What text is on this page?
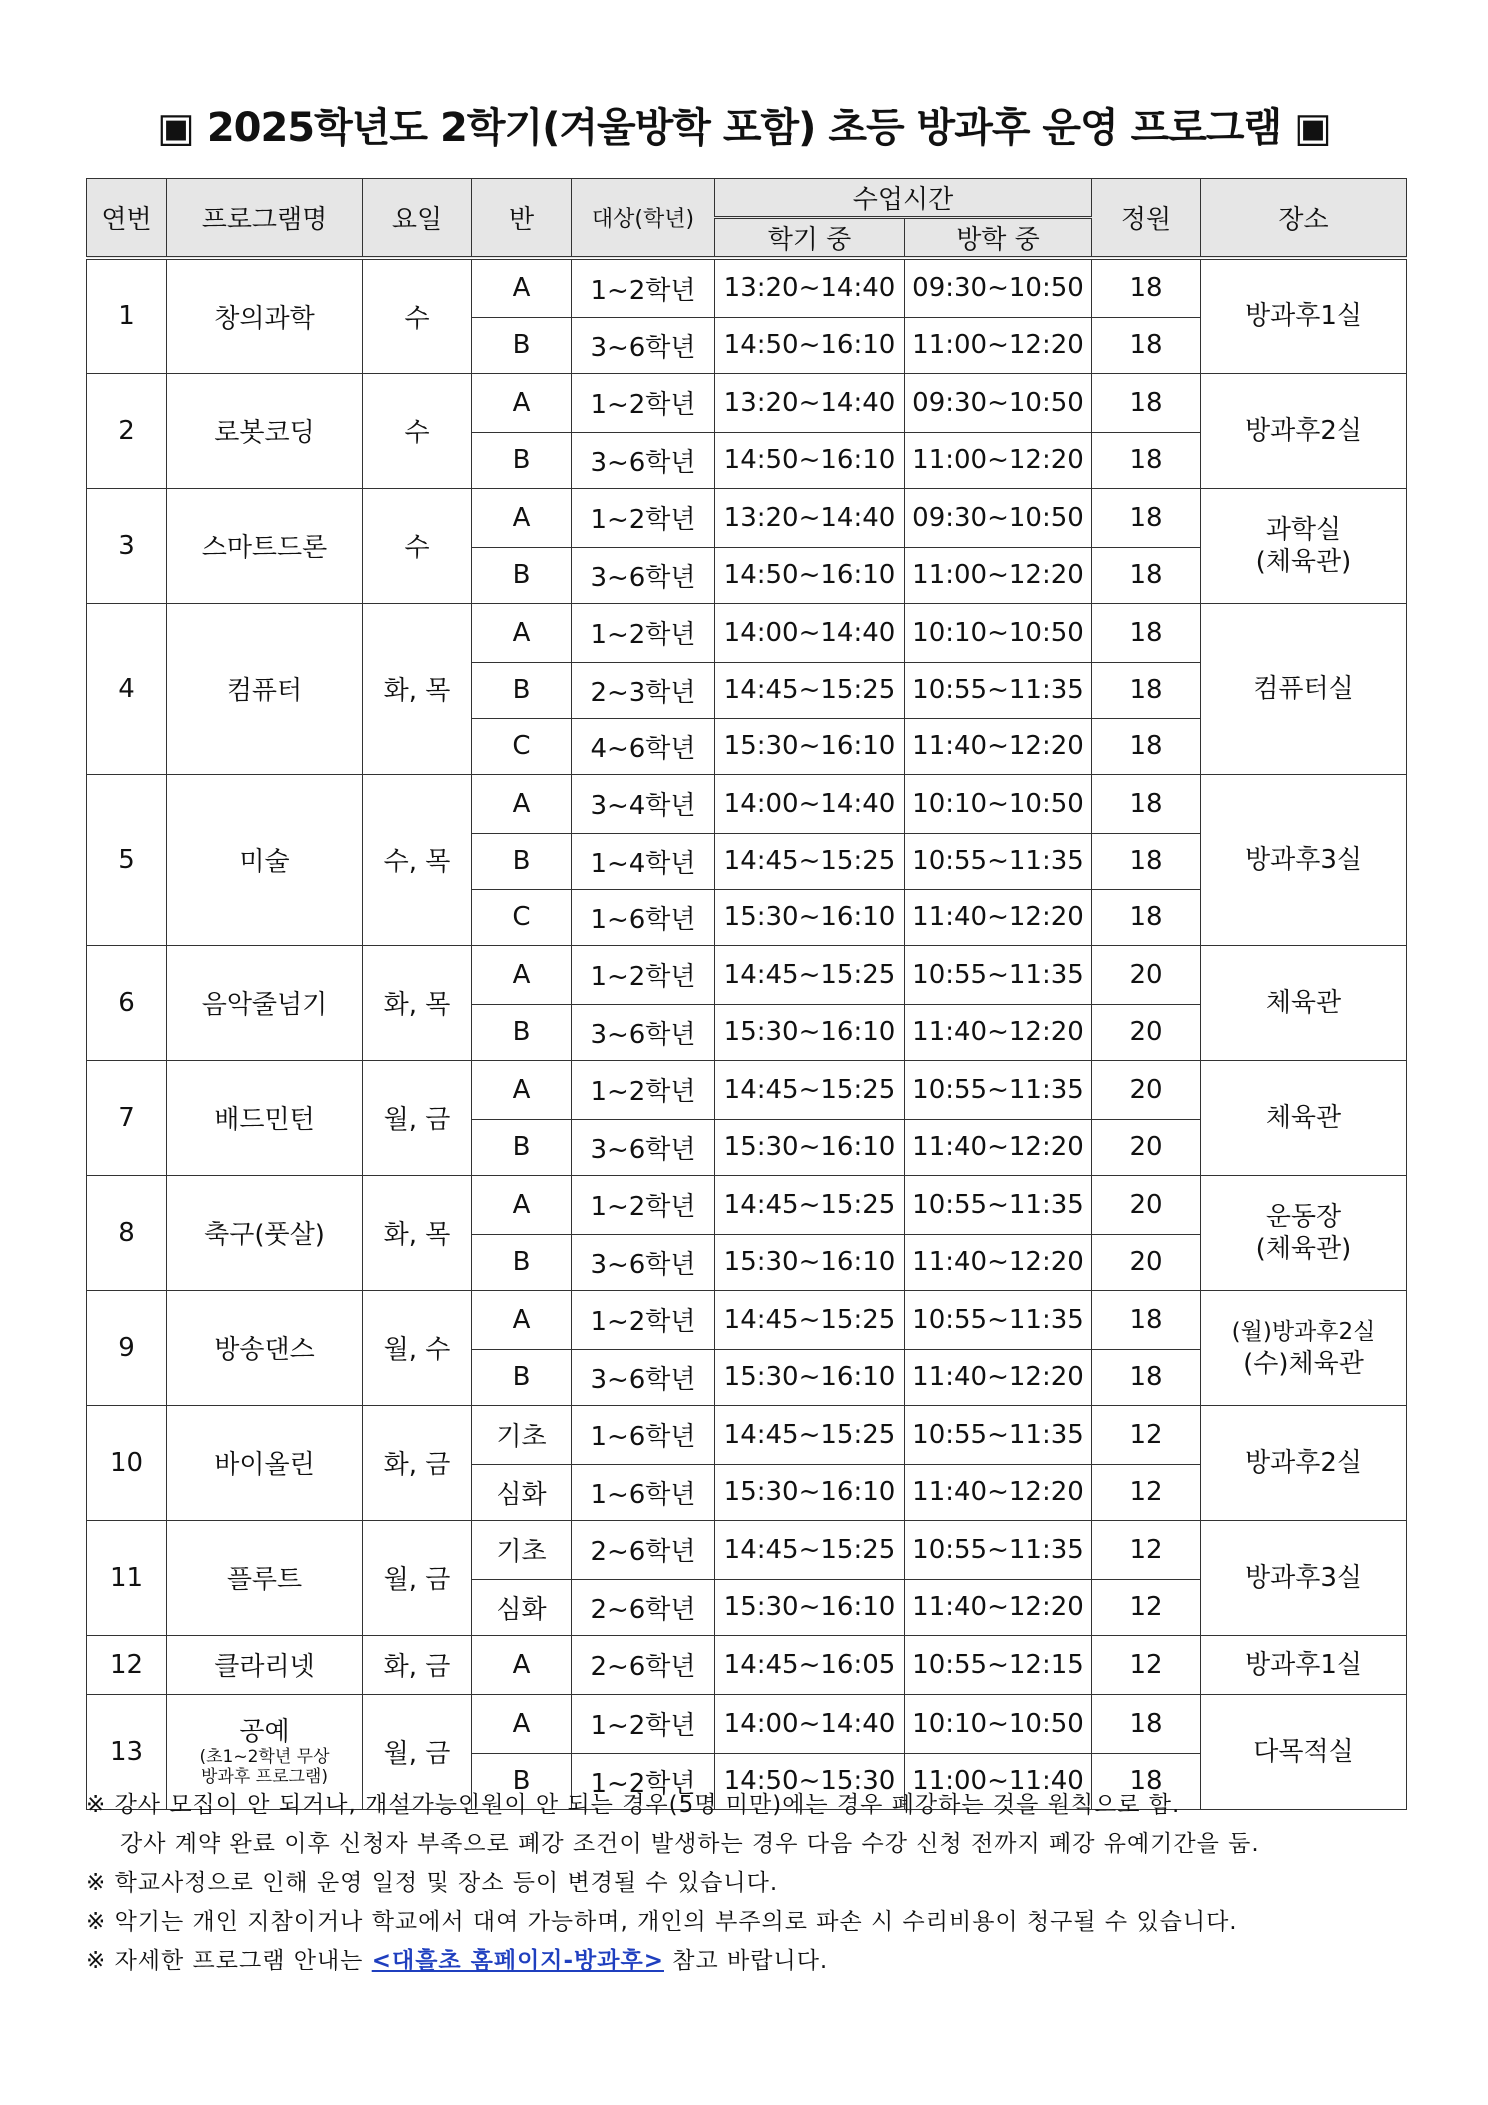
▣ 2025학년도 2학기(겨울방학 포함) 초등 방과후 운영 프로그램 ▣
연번	프로그램명	요일	반	대상(학년)	수업시간		정원	장소
					학기 중	방학 중		
1	창의과학	수	A	1~2학년	13:20~14:40	09:30~10:50	18	방과후1실

			B	3~6학년	14:50~16:10	11:00~12:20	18	
2	로봇코딩	수	A	1~2학년	13:20~14:40	09:30~10:50	18	방과후2실

			B	3~6학년	14:50~16:10	11:00~12:20	18	
3	스마트드론	수	A	1~2학년	13:20~14:40	09:30~10:50	18	과학실
(체육관)

			B	3~6학년	14:50~16:10	11:00~12:20	18	
4	컴퓨터	화, 목	A	1~2학년	14:00~14:40	10:10~10:50	18	컴퓨터실

			B	2~3학년	14:45~15:25	10:55~11:35	18	
			C	4~6학년	15:30~16:10	11:40~12:20	18	
5	미술	수, 목	A	3~4학년	14:00~14:40	10:10~10:50	18	방과후3실

			B	1~4학년	14:45~15:25	10:55~11:35	18	
			C	1~6학년	15:30~16:10	11:40~12:20	18	
6	음악줄넘기	화, 목	A	1~2학년	14:45~15:25	10:55~11:35	20	체육관

			B	3~6학년	15:30~16:10	11:40~12:20	20	
7	배드민턴	월, 금	A	1~2학년	14:45~15:25	10:55~11:35	20	체육관

			B	3~6학년	15:30~16:10	11:40~12:20	20	
8	축구(풋살)	화, 목	A	1~2학년	14:45~15:25	10:55~11:35	20	운동장
(체육관)

			B	3~6학년	15:30~16:10	11:40~12:20	20	
9	방송댄스	월, 수	A	1~2학년	14:45~15:25	10:55~11:35	18	(월)방과후2실
(수)체육관

			B	3~6학년	15:30~16:10	11:40~12:20	18	
10	바이올린	화, 금	기초	1~6학년	14:45~15:25	10:55~11:35	12	방과후2실

			심화	1~6학년	15:30~16:10	11:40~12:20	12	
11	플루트	월, 금	기초	2~6학년	14:45~15:25	10:55~11:35	12	방과후3실

			심화	2~6학년	15:30~16:10	11:40~12:20	12	
12	클라리넷	화, 금	A	2~6학년	14:45~16:05	10:55~12:15	12	방과후1실

13	공예
(초1~2학년 무상
방과후 프로그램)	월, 금	A	1~2학년	14:00~14:40	10:10~10:50	18	다목적실

			B	1~2학년	14:50~15:30	11:00~11:40	18	
※ 강사 모집이 안 되거나, 개설가능인원이 안 되는 경우(5명 미만)에는 경우 폐강하는 것을 원칙으로 함.
강사 계약 완료 이후 신청자 부족으로 폐강 조건이 발생하는 경우 다음 수강 신청 전까지 폐강 유예기간을 둠.
※ 학교사정으로 인해 운영 일정 및 장소 등이 변경될 수 있습니다.
※ 악기는 개인 지참이거나 학교에서 대여 가능하며, 개인의 부주의로 파손 시 수리비용이 청구될 수 있습니다.
※ 자세한 프로그램 안내는 <대흘초 홈페이지-방과후> 참고 바랍니다.
